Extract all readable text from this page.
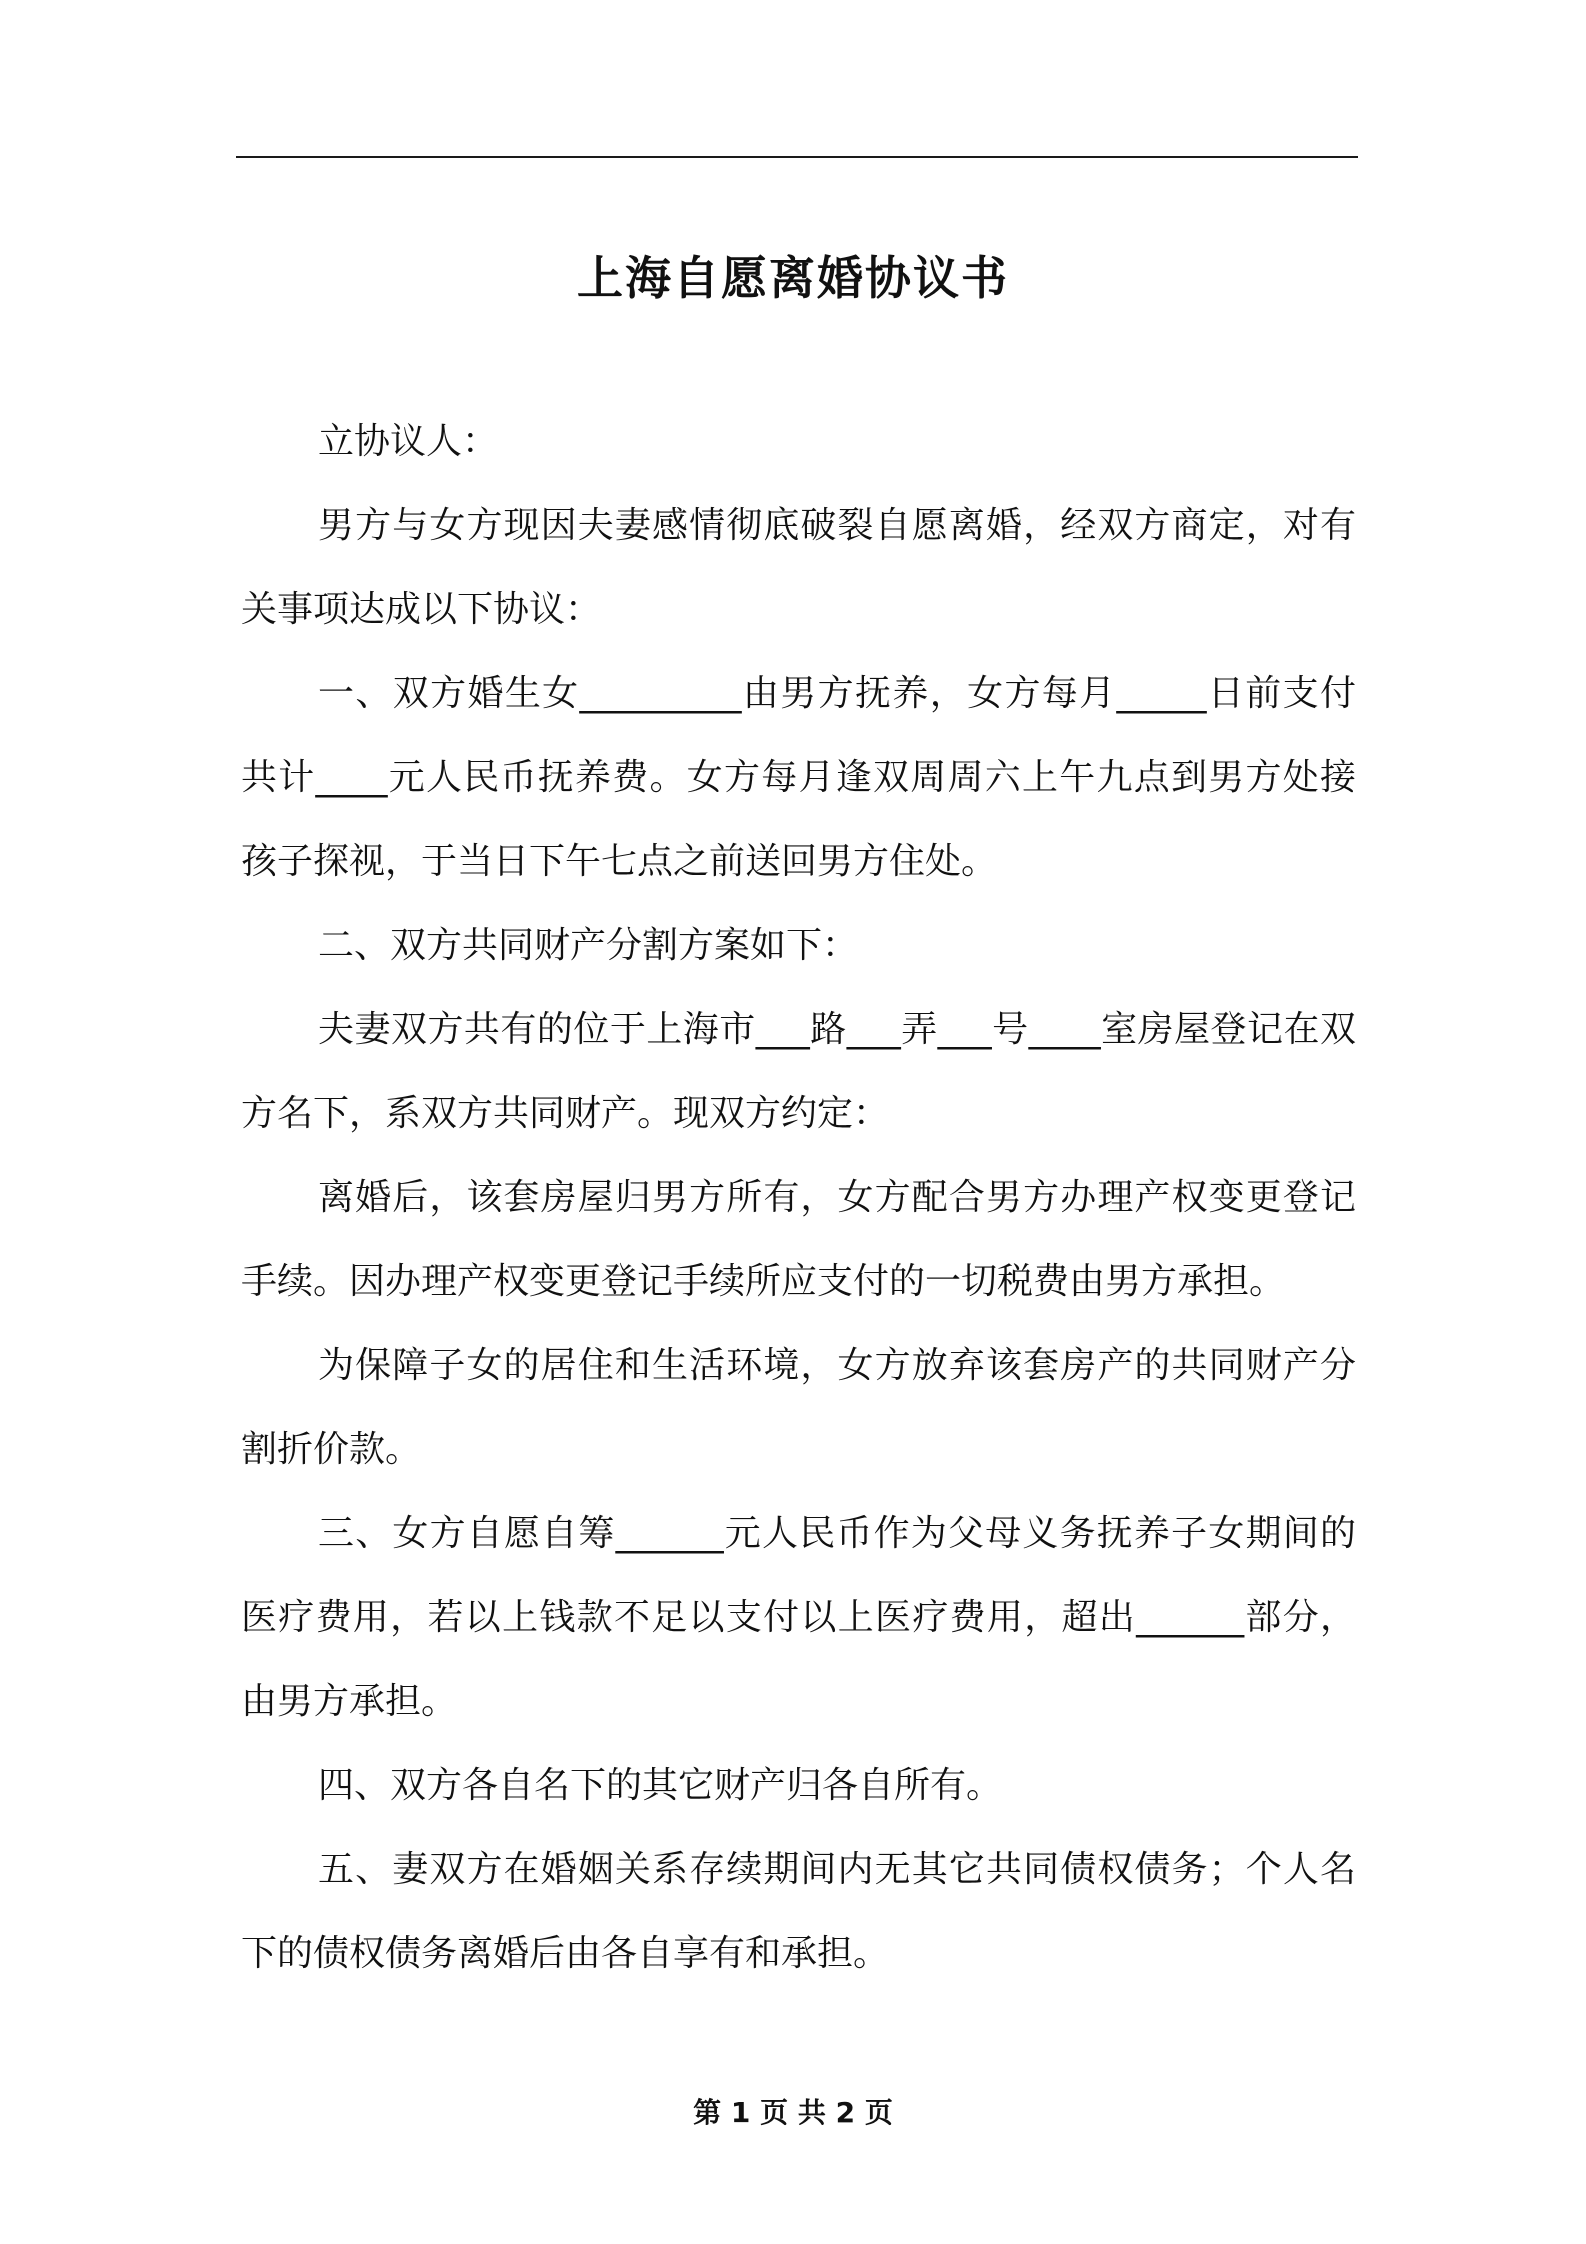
上海自愿离婚协议书

立协议人：

男方与女方现因夫妻感情彻底破裂自愿离婚，经双方商定，对有关事项达成以下协议：

一、双方婚生女_________由男方抚养，女方每月_____日前支付共计____元人民币抚养费。女方每月逢双周周六上午九点到男方处接孩子探视，于当日下午七点之前送回男方住处。

二、双方共同财产分割方案如下：

夫妻双方共有的位于上海市___路___弄___号____室房屋登记在双方名下，系双方共同财产。现双方约定：

离婚后，该套房屋归男方所有，女方配合男方办理产权变更登记手续。因办理产权变更登记手续所应支付的一切税费由男方承担。

为保障子女的居住和生活环境，女方放弃该套房产的共同财产分割折价款。

三、女方自愿自筹______元人民币作为父母义务抚养子女期间的医疗费用，若以上钱款不足以支付以上医疗费用，超出______部分，由男方承担。

四、双方各自名下的其它财产归各自所有。

五、妻双方在婚姻关系存续期间内无其它共同债权债务；个人名下的债权债务离婚后由各自享有和承担。

第 1 页 共 2 页
